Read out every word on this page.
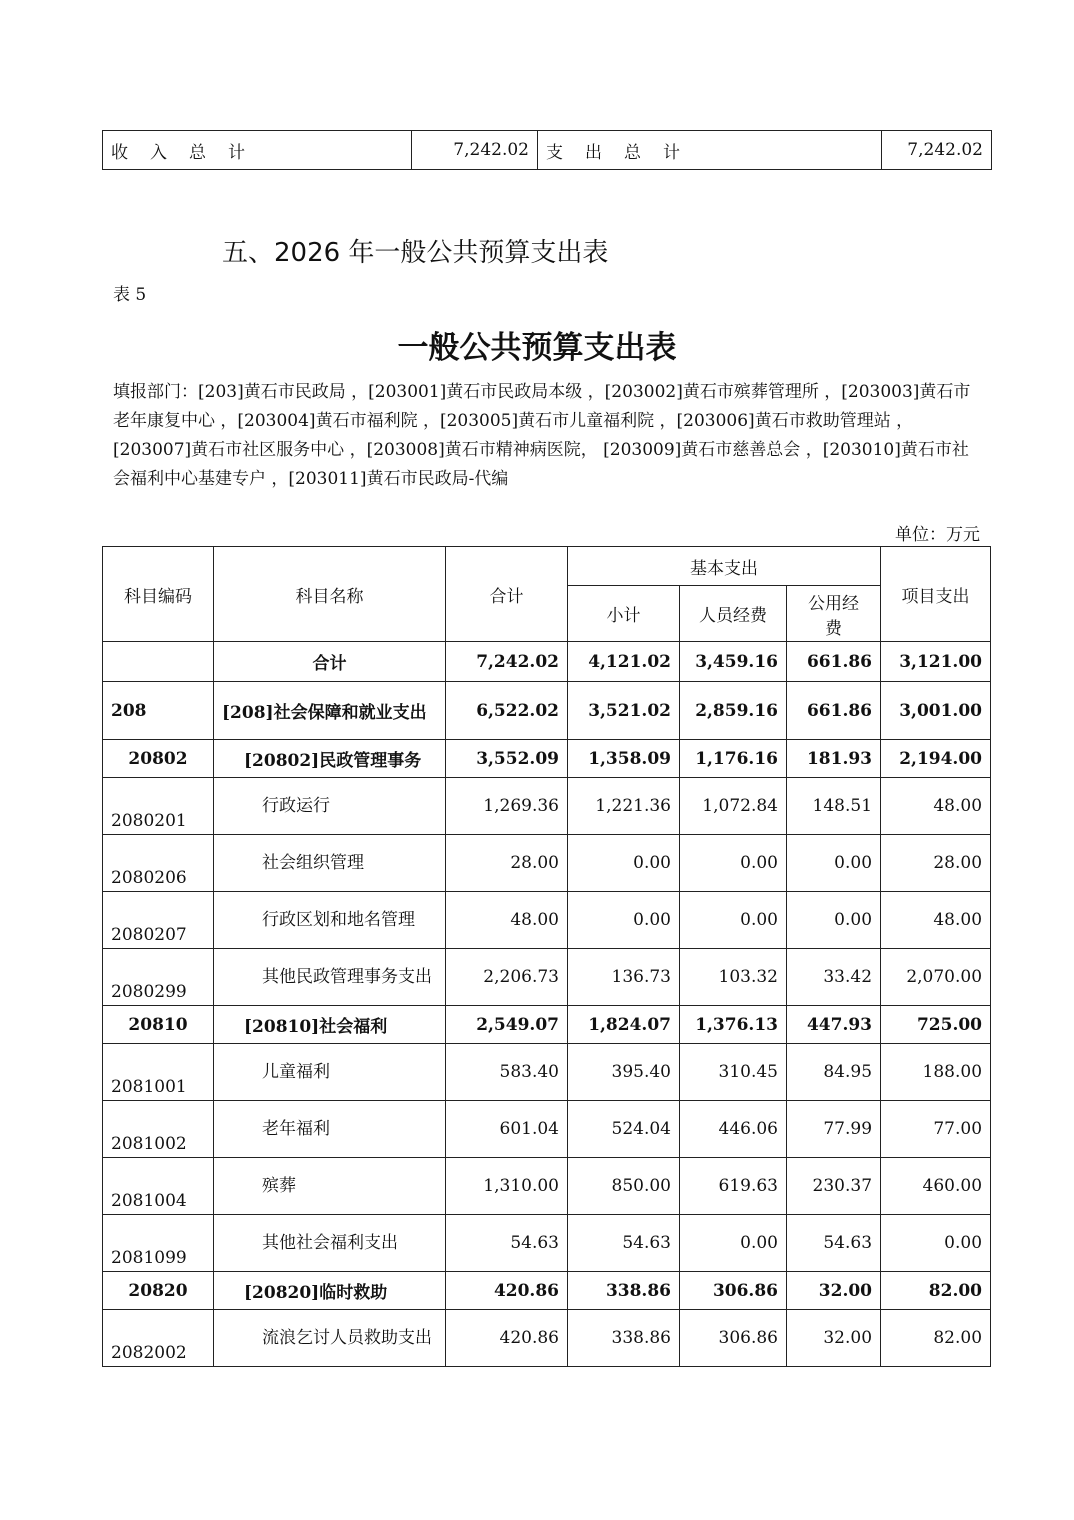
收入总计	7,242.02	支出总计	7,242.02
五、2026 年一般公共预算支出表
表 5
一般公共预算支出表
填报部门：[203]黄石市民政局 ，[203001]黄石市民政局本级 ，[203002]黄石市殡葬管理所 ，[203003]黄石市老年康复中心 ，[203004]黄石市福利院 ，[203005]黄石市儿童福利院 ，[203006]黄石市救助管理站 ，[203007]黄石市社区服务中心 ，[203008]黄石市精神病医院， [203009]黄石市慈善总会 ，[203010]黄石市社会福利中心基建专户 ，[203011]黄石市民政局-代编
单位：万元
科目编码	科目名称	合计	基本支出			项目支出
			小计	人员经费	公用经费	
	合计	7,242.02	4,121.02	3,459.16	661.86	3,121.00
208	[208]社会保障和就业支出	6,522.02	3,521.02	2,859.16	661.86	3,001.00
20802	[20802]民政管理事务	3,552.09	1,358.09	1,176.16	181.93	2,194.00
2080201	行政运行	1,269.36	1,221.36	1,072.84	148.51	48.00
2080206	社会组织管理	28.00	0.00	0.00	0.00	28.00
2080207	行政区划和地名管理	48.00	0.00	0.00	0.00	48.00
2080299	其他民政管理事务支出	2,206.73	136.73	103.32	33.42	2,070.00
20810	[20810]社会福利	2,549.07	1,824.07	1,376.13	447.93	725.00
2081001	儿童福利	583.40	395.40	310.45	84.95	188.00
2081002	老年福利	601.04	524.04	446.06	77.99	77.00
2081004	殡葬	1,310.00	850.00	619.63	230.37	460.00
2081099	其他社会福利支出	54.63	54.63	0.00	54.63	0.00
20820	[20820]临时救助	420.86	338.86	306.86	32.00	82.00
2082002	流浪乞讨人员救助支出	420.86	338.86	306.86	32.00	82.00
